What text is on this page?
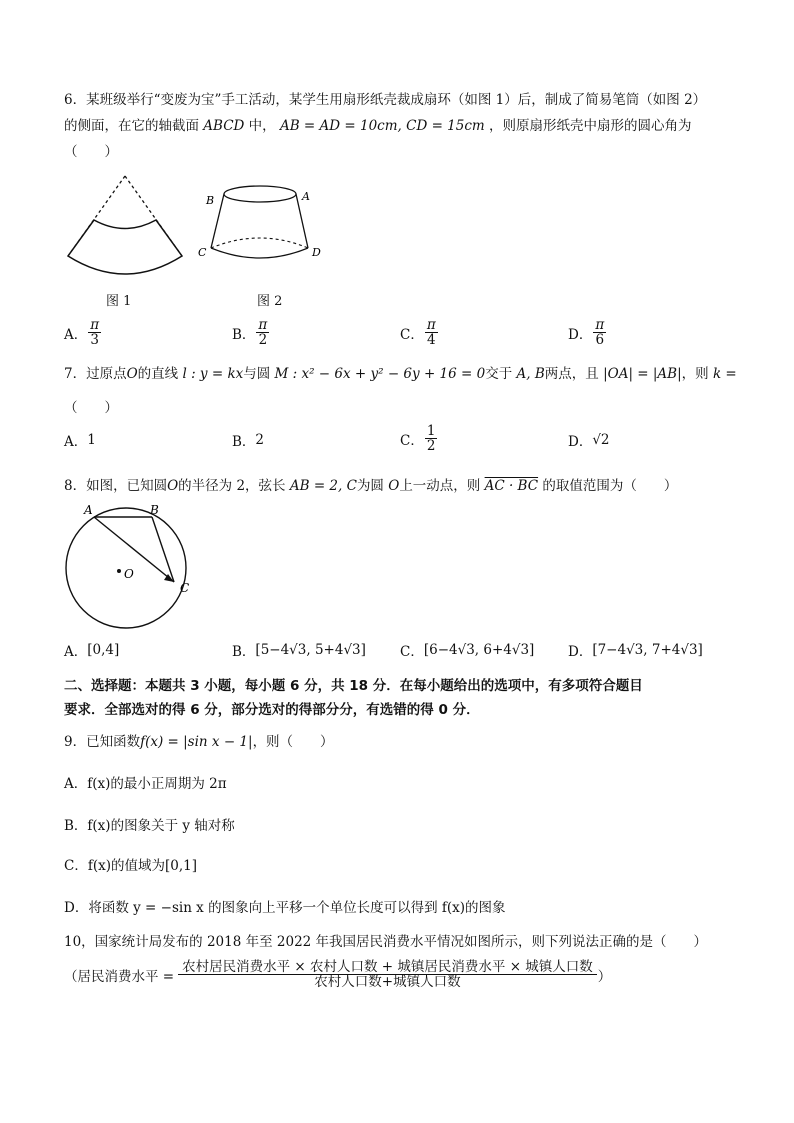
6．某班级举行“变废为宝”手工活动，某学生用扇形纸壳裁成扇环（如图 1）后，制成了简易笔筒（如图 2）
的侧面，在它的轴截面 ABCD 中， AB = AD = 10cm, CD = 15cm ，则原扇形纸壳中扇形的圆心角为
（　　）
图 1
B	A
C	D
图 2
A． $\frac{\pi}{3}$	B． $\frac{\pi}{2}$	C． $\frac{\pi}{4}$	D． $\frac{\pi}{6}$
7．过原点O的直线 l : y = kx与圆 M : x² − 6x + y² − 6y + 16 = 0交于 A, B两点，且 |OA| = |AB|，则 k =
（　　）
A． 1	B． 2	C． $\frac{1}{2}$	D． √2
8．如图，已知圆O的半径为 2，弦长 AB = 2, C为圆 O上一动点，则 AC · BC 的取值范围为（　　）
A	B
O
C
A． [0,4]	B． [5−4√3, 5+4√3]	C． [6−4√3, 6+4√3] D． [7−4√3, 7+4√3]
二、选择题：本题共 3 小题，每小题 6 分，共 18 分．在每小题给出的选项中，有多项符合题目
要求．全部选对的得 6 分，部分选对的得部分分，有选错的得 0 分．
9．已知函数f(x) = |sin x − 1|，则（　　）
A．f(x)的最小正周期为 2π
B．f(x)的图象关于 y 轴对称
C．f(x)的值域为[0,1]
D．将函数 y = −sin x 的图象向上平移一个单位长度可以得到 f(x)的图象
10，国家统计局发布的 2018 年至 2022 年我国居民消费水平情况如图所示，则下列说法正确的是（　　）
（居民消费水平 = $\frac{\text{农村居民消费水平 × 农村人口数 + 城镇居民消费水平 × 城镇人口数}}{\text{农村人口数+城镇人口数}}$ ）
